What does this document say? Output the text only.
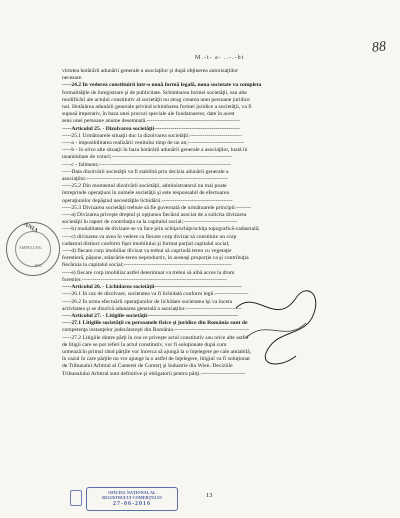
M.-t- a- ..-.-bt
88
virtutea hotărârii adunării generale a asociaţilor şi după obţinerea autorizaţiilor
necesare.
-----24.2 În vederea constituirii într-o nouă formă legală, noua societate va completa
formalităţile de înregistrare şi de publicitate. Schimbarea formei societăţii, sau alte
modificări ale actului constitutiv al societăţii nu atrag crearea unei persoane juridice
noi. Hotărârea adunării generale privind schimbarea formei juridice a societăţii, va fi
supusă imperativ, în baza unei procuri speciale ale fondatoareor, date în acest
sens unei persoane anume desemnată.--------------------------------------------------
-----Articolul 25. - Dizolvarea societăţii----------------------------------------------
-----25.1 Următoarele situaţii duc la dizolvarea societăţii:----------------------------
-----a - imposibilitatea realizării venitului timp de un an;------------------------------
-----b - în orice alte situaţii în baza hotărârii adunării generale a asociaţilor, luată în
unanimitate de voturi;-----------------------------------------------------------------
-----c - faliment;-----------------------------------------------------------------------
-----Data dizolvării societăţii va fi stabilită prin decizia adunării generale a
asociaţilor.----------------------------------------------------------------------------
-----25.2 Din momentul dizolvării societăţii, administratorul nu mai poate
întreprinde operaţiuni în numele societăţii şi este responsabil de efectuarea
operaţiunilor depăşind necesităţile lichidării.--------------------------------------
-----25.3 Divizarea societăţii trebuie să fie guvernată de următoarele principii:--------
-----a) Divizarea priveşte dreptul şi opţiunea fiecărui asociat de a solicita divizarea
societăţii în raport de contribuţia sa la capitalul social;-----------------------------
-----b) modalitatea de divizare se va face prin schiţa/schiţe/schiţa topografică-cadastrală;
-----c) divizarea va avea în vedere ca fiecare corp divizat să constituie un corp
cadastral distinct conform fişei imobilului şi format parţial capitalul social;
-----d) fiecare corp imobiliar divizat va trebui să cuprindă teren cu vegetaţie
forestieră, păşune, stâncărie-teren neproductiv, în aceeaşi proporţie ca şi contribuţia
fiecăruia la capitalul social;----------------------------------------------------------
-----e) fiecare corp imobiliar astfel determinat va trebui să aibă acces la drum
forestier.------------------------------------------------------------------------------
-----Articolul 26. - Lichidarea societăţii-----------------------------------------------
-----26.1 În caz de dizolvare, societatea va fi lichidată conform legii.------------------
-----26.2 În urma efectuării operaţiunilor de lichidare societatea îşi va înceta
activitatea şi se dizolvă adunarea generală a asociaţilor.------------------------------
-----Articolul 27. - Litigiile societăţii-------------------------------------------------
-----27.1 Litigiile societăţii cu persoanele fizice şi juridice din România sunt de
competenţa instanţelor judecătoreşti din România.----------------------------------------
-----27.2 Litigiile dintre părţi în cea ce priveşte actul constitutiv sau orice alte astfel
de litigii care se pot referi la actul constitutiv, vor fi soluţionate după cum
urmează:în primul rând părţile vor încerca să ajungă la o înţelegere pe cale amiabilă,
în cazul în care părţile nu vor ajunge la o astfel de înţelegere, litigiul va fi soluţionat
de Tribunalul Arbitral al Camerei de Comerţ şi Industrie din Wien. Deciziile
Tribunalului Arbitral sunt definitive şi obligatorii pentru părţi.------------------------
ANIA
AMPULUNG
SUC
OFICIUL NAŢIONAL AL
REGISTRULUI COMERŢULUI
27-06-2016
13
